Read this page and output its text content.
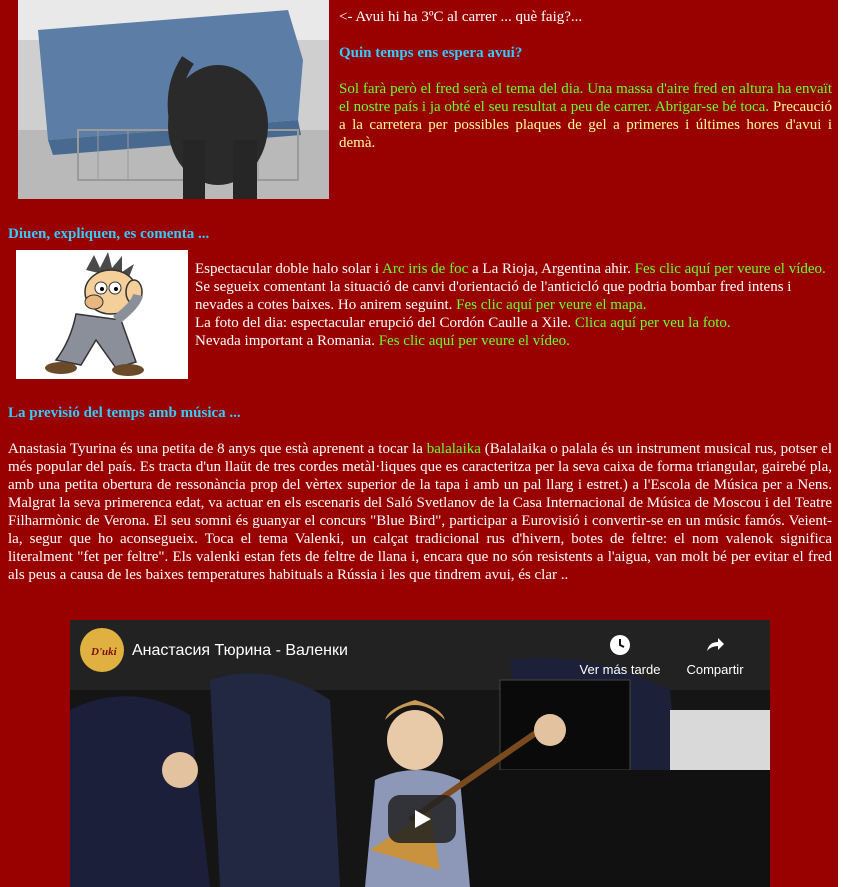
<- Avui hi ha 3ºC al carrer ... què faig?...

Quin temps ens espera avui?

Sol farà però el fred serà el tema del dia. Una massa d'aire fred en altura ha envaït el nostre país i ja obté el seu resultat a peu de carrer. Abrigar-se bé toca. Precaució a la carretera per possibles plaques de gel a primeres i últimes hores d'avui i demà.

Diuen, expliquen, es comenta ...
Espectacular doble halo solar i Arc iris de foc a La Rioja, Argentina ahir. Fes clic aquí per veure el vídeo.
Se segueix comentant la situació de canvi d'orientació de l'anticicló que podria bombar fred intens i nevades a cotes baixes. Ho anirem seguint. Fes clic aquí per veure el mapa.
La foto del dia: espectacular erupció del Cordón Caulle a Xile. Clica aquí per veu la foto.
Nevada important a Romania. Fes clic aquí per veure el vídeo.
La previsió del temps amb música ...
Anastasia Tyurina és una petita de 8 anys que està aprenent a tocar la balalaika (Balalaika o palala és un instrument musical rus, potser el més popular del país. Es tracta d'un llaüt de tres cordes metàl·liques que es caracteritza per la seva caixa de forma triangular, gairebé pla, amb una petita obertura de ressonància prop del vèrtex superior de la tapa i amb un pal llarg i estret.) a l'Escola de Música per a Nens. Malgrat la seva primerenca edat, va actuar en els escenaris del Saló Svetlanov de la Casa Internacional de Música de Moscou i del Teatre Filharmònic de Verona. El seu somni és guanyar el concurs "Blue Bird", participar a Eurovisió i convertir-se en un músic famós. Veient-la, segur que ho aconsegueix. Toca el tema Valenki, un calçat tradicional rus d'hivern, botes de feltre: el nom valenok significa literalment "fet per feltre". Els valenki estan fets de feltre de llana i, encara que no són resistents a l'aigua, van molt bé per evitar el fred als peus a causa de les baixes temperatures habituals a Rússia i les que tindrem avui, és clar ..
D'uki Анастасия Тюрина - Валенки
Ver más tarde	Compartir
